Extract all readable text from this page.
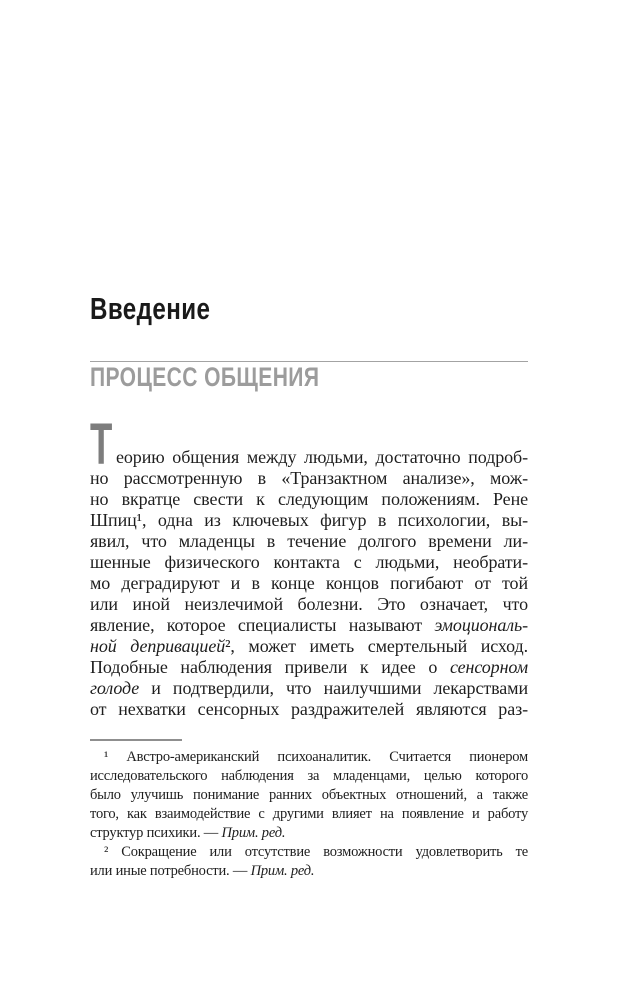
Введение
ПРОЦЕСС ОБЩЕНИЯ
Т еорию общения между людьми, достаточно подроб-
но рассмотренную в «Транзактном анализе», мож-
но вкратце свести к следующим положениям. Рене
Шпиц¹, одна из ключевых фигур в психологии, вы-
явил, что младенцы в течение долгого времени ли-
шенные физического контакта с людьми, необрати-
мо деградируют и в конце концов погибают от той
или иной неизлечимой болезни. Это означает, что
явление, которое специалисты называют эмоциональ-
ной депривацией², может иметь смертельный исход.
Подобные наблюдения привели к идее о сенсорном
голоде и подтвердили, что наилучшими лекарствами
от нехватки сенсорных раздражителей являются раз-
¹ Австро-американский психоаналитик. Считается пионером
исследовательского наблюдения за младенцами, целью которого
было улучишь понимание ранних объектных отношений, а также
того, как взаимодействие с другими влияет на появление и работу
структур психики. — Прим. ред.
² Сокращение или отсутствие возможности удовлетворить те
или иные потребности. — Прим. ред.
